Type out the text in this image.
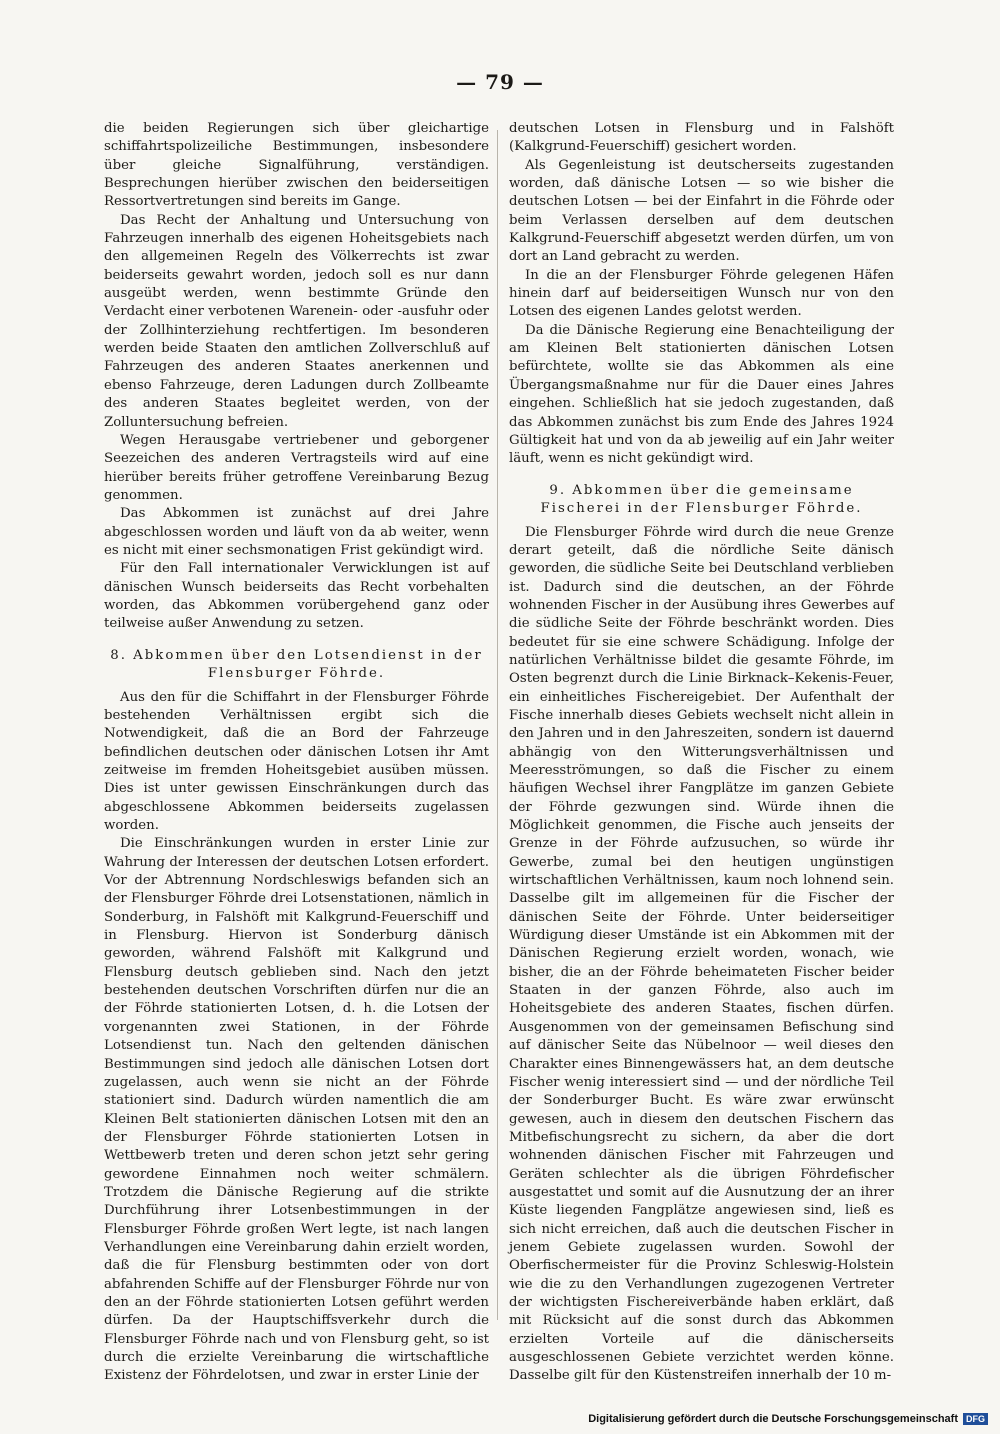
— 79 —

die beiden Regierungen sich über gleichartige schiffahrtspolizeiliche Bestimmungen, insbesondere über gleiche Signalführung, verständigen. Besprechungen hierüber zwischen den beiderseitigen Ressortvertretungen sind bereits im Gange.

Das Recht der Anhaltung und Untersuchung von Fahrzeugen innerhalb des eigenen Hoheitsgebiets nach den allgemeinen Regeln des Völkerrechts ist zwar beiderseits gewahrt worden, jedoch soll es nur dann ausgeübt werden, wenn bestimmte Gründe den Verdacht einer verbotenen Warenein- oder -ausfuhr oder der Zollhinterziehung rechtfertigen. Im besonderen werden beide Staaten den amtlichen Zollverschluß auf Fahrzeugen des anderen Staates anerkennen und ebenso Fahrzeuge, deren Ladungen durch Zollbeamte des anderen Staates begleitet werden, von der Zolluntersuchung befreien.

Wegen Herausgabe vertriebener und geborgener Seezeichen des anderen Vertragsteils wird auf eine hierüber bereits früher getroffene Vereinbarung Bezug genommen.

Das Abkommen ist zunächst auf drei Jahre abgeschlossen worden und läuft von da ab weiter, wenn es nicht mit einer sechsmonatigen Frist gekündigt wird.

Für den Fall internationaler Verwicklungen ist auf dänischen Wunsch beiderseits das Recht vorbehalten worden, das Abkommen vorübergehend ganz oder teilweise außer Anwendung zu setzen.

8. Abkommen über den Lotsendienst in der Flensburger Föhrde.

Aus den für die Schiffahrt in der Flensburger Föhrde bestehenden Verhältnissen ergibt sich die Notwendigkeit, daß die an Bord der Fahrzeuge befindlichen deutschen oder dänischen Lotsen ihr Amt zeitweise im fremden Hoheitsgebiet ausüben müssen. Dies ist unter gewissen Einschränkungen durch das abgeschlossene Abkommen beiderseits zugelassen worden.

Die Einschränkungen wurden in erster Linie zur Wahrung der Interessen der deutschen Lotsen erfordert. Vor der Abtrennung Nordschleswigs befanden sich an der Flensburger Föhrde drei Lotsenstationen, nämlich in Sonderburg, in Falshöft mit Kalkgrund-Feuerschiff und in Flensburg. Hiervon ist Sonderburg dänisch geworden, während Falshöft mit Kalkgrund und Flensburg deutsch geblieben sind. Nach den jetzt bestehenden deutschen Vorschriften dürfen nur die an der Föhrde stationierten Lotsen, d. h. die Lotsen der vorgenannten zwei Stationen, in der Föhrde Lotsendienst tun. Nach den geltenden dänischen Bestimmungen sind jedoch alle dänischen Lotsen dort zugelassen, auch wenn sie nicht an der Föhrde stationiert sind. Dadurch würden namentlich die am Kleinen Belt stationierten dänischen Lotsen mit den an der Flensburger Föhrde stationierten Lotsen in Wettbewerb treten und deren schon jetzt sehr gering gewordene Einnahmen noch weiter schmälern. Trotzdem die Dänische Regierung auf die strikte Durchführung ihrer Lotsenbestimmungen in der Flensburger Föhrde großen Wert legte, ist nach langen Verhandlungen eine Vereinbarung dahin erzielt worden, daß die für Flensburg bestimmten oder von dort abfahrenden Schiffe auf der Flensburger Föhrde nur von den an der Föhrde stationierten Lotsen geführt werden dürfen. Da der Hauptschiffsverkehr durch die Flensburger Föhrde nach und von Flensburg geht, so ist durch die erzielte Vereinbarung die wirtschaftliche Existenz der Föhrdelotsen, und zwar in erster Linie der

deutschen Lotsen in Flensburg und in Falshöft (Kalkgrund-Feuerschiff) gesichert worden.

Als Gegenleistung ist deutscherseits zugestanden worden, daß dänische Lotsen — so wie bisher die deutschen Lotsen — bei der Einfahrt in die Föhrde oder beim Verlassen derselben auf dem deutschen Kalkgrund-Feuerschiff abgesetzt werden dürfen, um von dort an Land gebracht zu werden.

In die an der Flensburger Föhrde gelegenen Häfen hinein darf auf beiderseitigen Wunsch nur von den Lotsen des eigenen Landes gelotst werden.

Da die Dänische Regierung eine Benachteiligung der am Kleinen Belt stationierten dänischen Lotsen befürchtete, wollte sie das Abkommen als eine Übergangsmaßnahme nur für die Dauer eines Jahres eingehen. Schließlich hat sie jedoch zugestanden, daß das Abkommen zunächst bis zum Ende des Jahres 1924 Gültigkeit hat und von da ab jeweilig auf ein Jahr weiter läuft, wenn es nicht gekündigt wird.

9. Abkommen über die gemeinsame Fischerei in der Flensburger Föhrde.

Die Flensburger Föhrde wird durch die neue Grenze derart geteilt, daß die nördliche Seite dänisch geworden, die südliche Seite bei Deutschland verblieben ist. Dadurch sind die deutschen, an der Föhrde wohnenden Fischer in der Ausübung ihres Gewerbes auf die südliche Seite der Föhrde beschränkt worden. Dies bedeutet für sie eine schwere Schädigung. Infolge der natürlichen Verhältnisse bildet die gesamte Föhrde, im Osten begrenzt durch die Linie Birknack–Kekenis-Feuer, ein einheitliches Fischereigebiet. Der Aufenthalt der Fische innerhalb dieses Gebiets wechselt nicht allein in den Jahren und in den Jahreszeiten, sondern ist dauernd abhängig von den Witterungsverhältnissen und Meeresströmungen, so daß die Fischer zu einem häufigen Wechsel ihrer Fangplätze im ganzen Gebiete der Föhrde gezwungen sind. Würde ihnen die Möglichkeit genommen, die Fische auch jenseits der Grenze in der Föhrde aufzusuchen, so würde ihr Gewerbe, zumal bei den heutigen ungünstigen wirtschaftlichen Verhältnissen, kaum noch lohnend sein. Dasselbe gilt im allgemeinen für die Fischer der dänischen Seite der Föhrde. Unter beiderseitiger Würdigung dieser Umstände ist ein Abkommen mit der Dänischen Regierung erzielt worden, wonach, wie bisher, die an der Föhrde beheimateten Fischer beider Staaten in der ganzen Föhrde, also auch im Hoheitsgebiete des anderen Staates, fischen dürfen. Ausgenommen von der gemeinsamen Befischung sind auf dänischer Seite das Nübelnoor — weil dieses den Charakter eines Binnengewässers hat, an dem deutsche Fischer wenig interessiert sind — und der nördliche Teil der Sonderburger Bucht. Es wäre zwar erwünscht gewesen, auch in diesem den deutschen Fischern das Mitbefischungsrecht zu sichern, da aber die dort wohnenden dänischen Fischer mit Fahrzeugen und Geräten schlechter als die übrigen Föhrdefischer ausgestattet und somit auf die Ausnutzung der an ihrer Küste liegenden Fangplätze angewiesen sind, ließ es sich nicht erreichen, daß auch die deutschen Fischer in jenem Gebiete zugelassen wurden. Sowohl der Oberfischermeister für die Provinz Schleswig-Holstein wie die zu den Verhandlungen zugezogenen Vertreter der wichtigsten Fischereiverbände haben erklärt, daß mit Rücksicht auf die sonst durch das Abkommen erzielten Vorteile auf die dänischerseits ausgeschlossenen Gebiete verzichtet werden könne. Dasselbe gilt für den Küstenstreifen innerhalb der 10 m-

Digitalisierung gefördert durch die Deutsche Forschungsgemeinschaft DFG
